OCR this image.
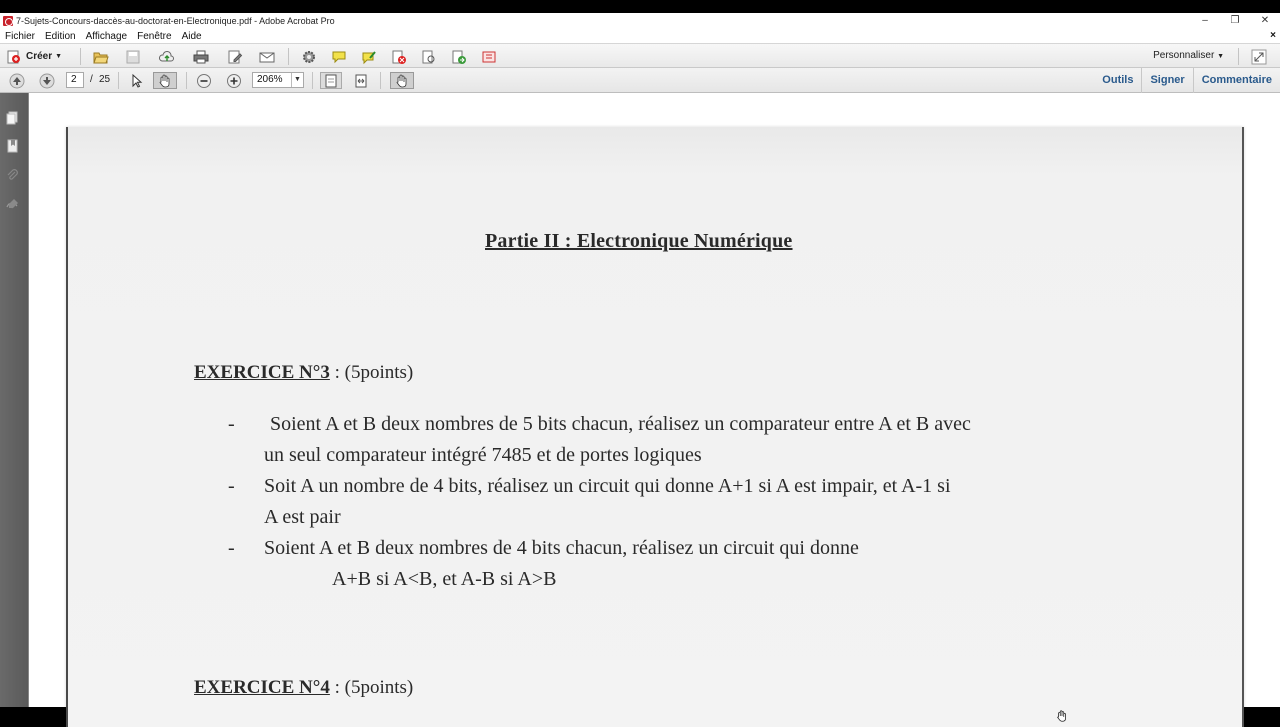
7-Sujets-Concours-daccès-au-doctorat-en-Electronique.pdf - Adobe Acrobat Pro	–	❐	✕
Fichier	Edition	Affichage	Fenêtre	Aide	×
Créer ▼	Personnaliser ▼
2	/ 25	206%	▼	Outils	Signer	Commentaire
Partie II : Electronique Numérique
EXERCICE N°3 : (5points)
- Soient A et B deux nombres de 5 bits chacun, réalisez un comparateur entre A et B avec
un seul comparateur intégré 7485 et de portes logiques
- Soit A un nombre de 4 bits, réalisez un circuit qui donne A+1 si A est impair, et A-1 si
A est pair
- Soient A et B deux nombres de 4 bits chacun, réalisez un circuit qui donne
A+B si A<B, et A-B si A>B
EXERCICE N°4 : (5points)
